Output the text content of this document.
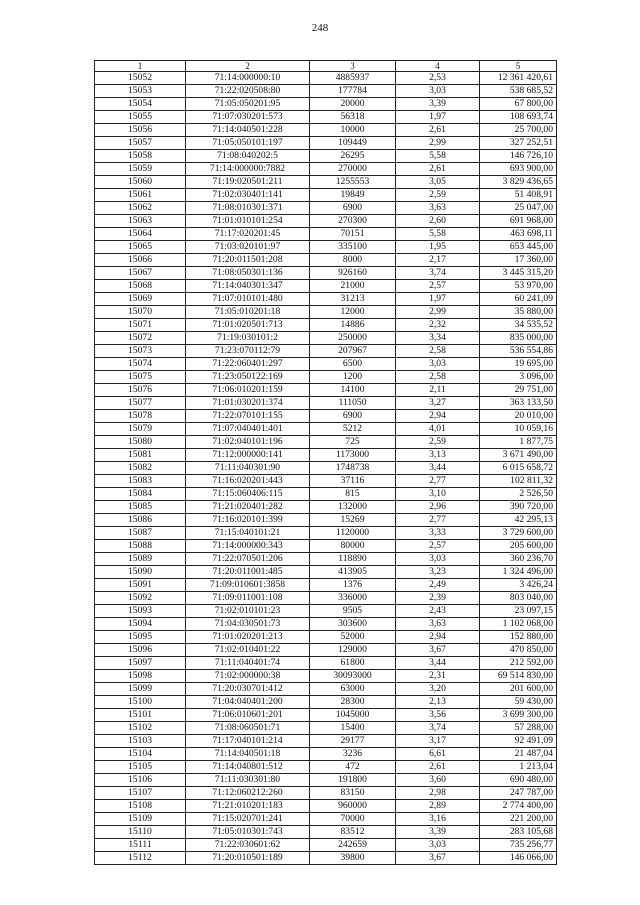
248
1	2	3	4	5
15052	71:14:000000:10	4885937	2,53	12 361 420,61
15053	71:22:020508:80	177784	3,03	538 685,52
15054	71:05:050201:95	20000	3,39	67 800,00
15055	71:07:030201:573	56318	1,97	108 693,74
15056	71:14:040501:228	10000	2,61	25 700,00
15057	71:05:050101:197	109449	2,99	327 252,51
15058	71:08:040202:5	26295	5,58	146 726,10
15059	71:14:000000:7882	270000	2,61	693 900,00
15060	71:19:020501:211	1255553	3,05	3 829 436,65
15061	71:02:030401:141	19849	2,59	51 408,91
15062	71:08:010301:371	6900	3,63	25 047,00
15063	71:01:010101:254	270300	2,60	691 968,00
15064	71:17:020201:45	70151	5,58	463 698,11
15065	71:03:020101:97	335100	1,95	653 445,00
15066	71:20:011501:208	8000	2,17	17 360,00
15067	71:08:050301:136	926160	3,74	3 445 315,20
15068	71:14:040301:347	21000	2,57	53 970,00
15069	71:07:010101:480	31213	1,97	60 241,09
15070	71:05:010201:18	12000	2,99	35 880,00
15071	71:01:020501:713	14886	2,32	34 535,52
15072	71:19:030101:2	250000	3,34	835 000,00
15073	71:23:070112:79	207967	2,58	536 554,86
15074	71:22:060401:297	6500	3,03	19 695,00
15075	71:23:050122:169	1200	2,58	3 096,00
15076	71:06:010201:159	14100	2,11	29 751,00
15077	71:01:030201:374	111050	3,27	363 133,50
15078	71:22:070101:155	6900	2,94	20 010,00
15079	71:07:040401:401	5212	4,01	10 059,16
15080	71:02:040101:196	725	2,59	1 877,75
15081	71:12:000000:141	1173000	3,13	3 671 490,00
15082	71:11:040301:90	1748738	3,44	6 015 658,72
15083	71:16:020201:443	37116	2,77	102 811,32
15084	71:15:060406:115	815	3,10	2 526,50
15085	71:21:020401:282	132000	2,96	390 720,00
15086	71:16:020101:399	15269	2,77	42 295,13
15087	71:15:040101:21	1120000	3,33	3 729 600,00
15088	71:14:000000:343	80000	2,57	205 600,00
15089	71:22:070501:206	118890	3,03	360 236,70
15090	71:20:011001:485	413905	3,23	1 324 496,00
15091	71:09:010601:3858	1376	2,49	3 426,24
15092	71:09:011001:108	336000	2,39	803 040,00
15093	71:02:010101:23	9505	2,43	23 097,15
15094	71:04:030501:73	303600	3,63	1 102 068,00
15095	71:01:020201:213	52000	2,94	152 880,00
15096	71:02:010401:22	129000	3,67	470 850,00
15097	71:11:040401:74	61800	3,44	212 592,00
15098	71:02:000000:38	30093000	2,31	69 514 830,00
15099	71:20:030701:412	63000	3,20	201 600,00
15100	71:04:040401:200	28300	2,13	59 430,00
15101	71:06:010601:201	1045000	3,56	3 699 300,00
15102	71:08:060501:71	15400	3,74	57 288,00
15103	71:17:040101:214	29177	3,17	92 491,09
15104	71:14:040501:18	3236	6,61	21 487,04
15105	71:14:040801:512	472	2,61	1 213,04
15106	71:11:030301:80	191800	3,60	690 480,00
15107	71:12:060212:260	83150	2,98	247 787,00
15108	71:21:010201:183	960000	2,89	2 774 400,00
15109	71:15:020701:241	70000	3,16	221 200,00
15110	71:05:010301:743	83512	3,39	283 105,68
15111	71:22:030601:62	242659	3,03	735 256,77
15112	71:20:010501:189	39800	3,67	146 066,00
